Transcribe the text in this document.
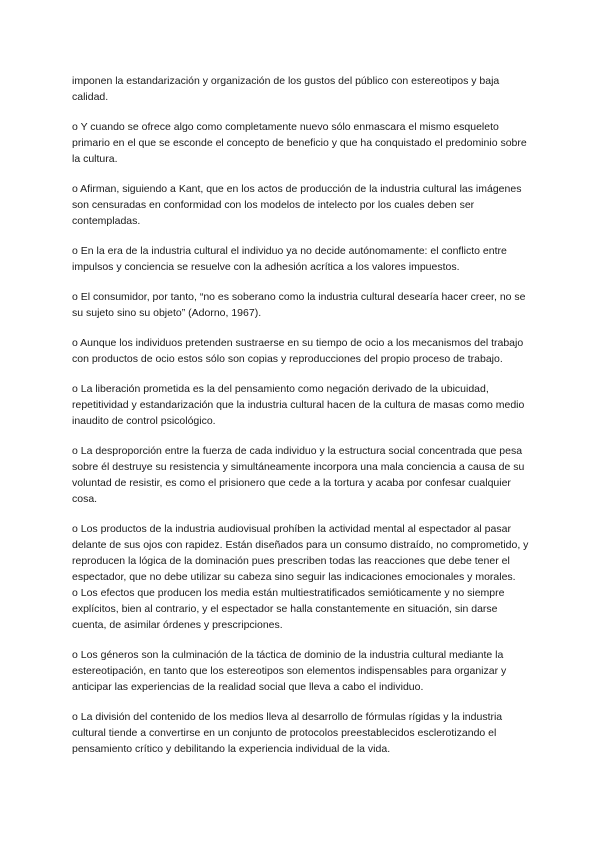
imponen la estandarización y organización de los gustos del público con estereotipos y baja calidad.

o Y cuando se ofrece algo como completamente nuevo sólo enmascara el mismo esqueleto primario en el que se esconde el concepto de beneficio y que ha conquistado el predominio sobre la cultura.

o Afirman, siguiendo a Kant, que en los actos de producción de la industria cultural las imágenes son censuradas en conformidad con los modelos de intelecto por los cuales deben ser contempladas.

o En la era de la industria cultural el individuo ya no decide autónomamente: el conflicto entre impulsos y conciencia se resuelve con la adhesión acrítica a los valores impuestos.

o El consumidor, por tanto, “no es soberano como la industria cultural desearía hacer creer, no se su sujeto sino su objeto” (Adorno, 1967).

o Aunque los individuos pretenden sustraerse en su tiempo de ocio a los mecanismos del trabajo con productos de ocio estos sólo son copias y reproducciones del propio proceso de trabajo.

o La liberación prometida es la del pensamiento como negación derivado de la ubicuidad, repetitividad y estandarización que la industria cultural hacen de la cultura de masas como medio inaudito de control psicológico.

o La desproporción entre la fuerza de cada individuo y la estructura social concentrada que pesa sobre él destruye su resistencia y simultáneamente incorpora una mala conciencia a causa de su voluntad de resistir, es como el prisionero que cede a la tortura y acaba por confesar cualquier cosa.

o Los productos de la industria audiovisual prohíben la actividad mental al espectador al pasar delante de sus ojos con rapidez. Están diseñados para un consumo distraído, no comprometido, y reproducen la lógica de la dominación pues prescriben todas las reacciones que debe tener el espectador, que no debe utilizar su cabeza sino seguir las indicaciones emocionales y morales.

o Los efectos que producen los media están multiestratificados semióticamente y no siempre explícitos, bien al contrario, y el espectador se halla constantemente en situación, sin darse cuenta, de asimilar órdenes y prescripciones.

o Los géneros son la culminación de la táctica de dominio de la industria cultural mediante la estereotipación, en tanto que los estereotipos son elementos indispensables para organizar y anticipar las experiencias de la realidad social que lleva a cabo el individuo.

o La división del contenido de los medios lleva al desarrollo de fórmulas rígidas y la industria cultural tiende a convertirse en un conjunto de protocolos preestablecidos esclerotizando el pensamiento crítico y debilitando la experiencia individual de la vida.
